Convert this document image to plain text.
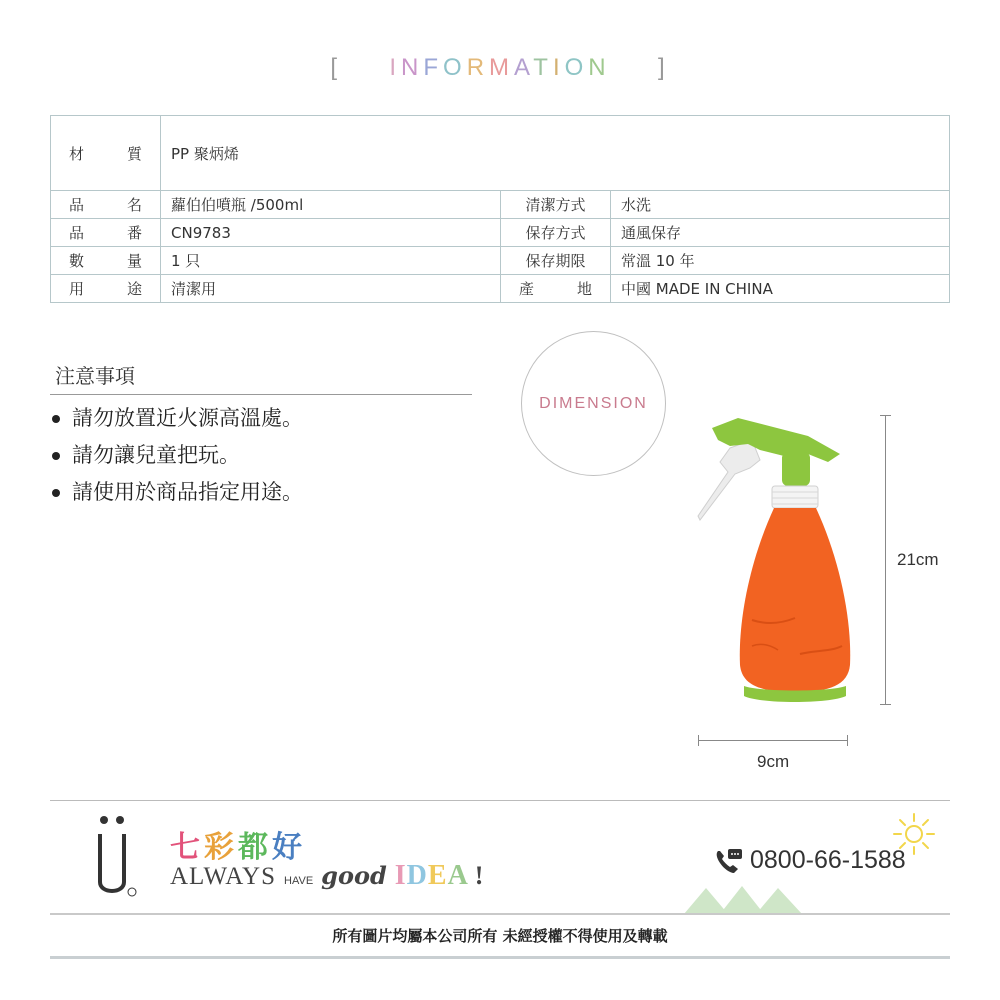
[ INFORMATION ]
材 質	PP 聚炳烯		

品 名	蘿伯伯噴瓶 /500ml	清潔方式	水洗

品 番	CN9783	保存方式	通風保存

數 量	1 只	保存期限	常溫 10 年

用 途	清潔用	產 地	中國 MADE IN CHINA
注意事項
請勿放置近火源高溫處。
請勿讓兒童把玩。
請使用於商品指定用途。
DIMENSION
21cm
9cm
七彩都好
ALWAYS HAVE good IDEA !
0800-66-1588
所有圖片均屬本公司所有 未經授權不得使用及轉載
